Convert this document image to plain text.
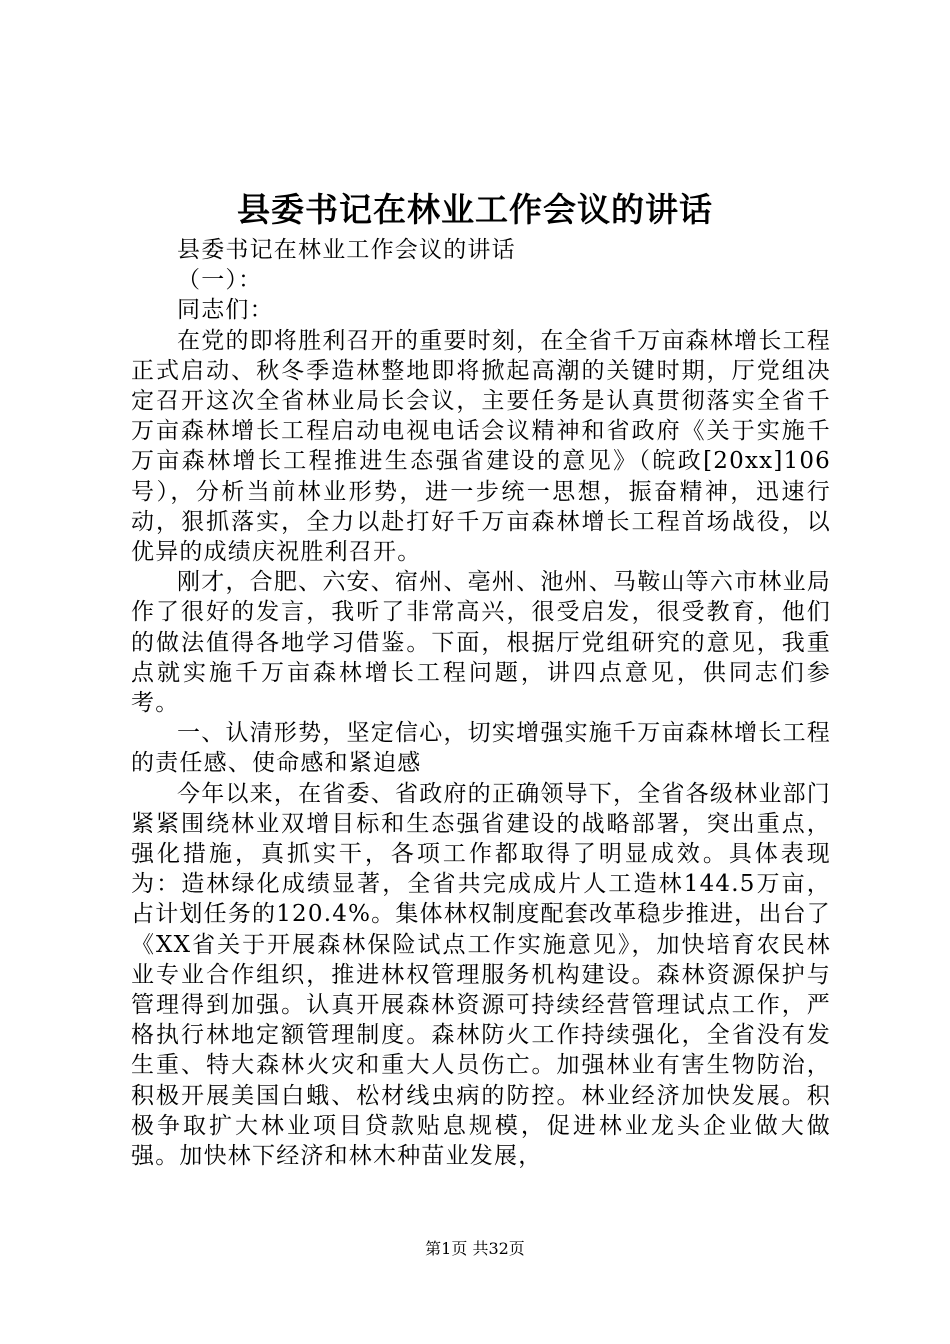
县委书记在林业工作会议的讲话

县委书记在林业工作会议的讲话

（一）：

同志们：

在党的即将胜利召开的重要时刻，在全省千万亩森林增长工程正式启动、秋冬季造林整地即将掀起高潮的关键时期，厅党组决定召开这次全省林业局长会议，主要任务是认真贯彻落实全省千万亩森林增长工程启动电视电话会议精神和省政府《关于实施千万亩森林增长工程推进生态强省建设的意见》（皖政[20xx]106号），分析当前林业形势，进一步统一思想，振奋精神，迅速行动，狠抓落实，全力以赴打好千万亩森林增长工程首场战役，以优异的成绩庆祝胜利召开。

刚才，合肥、六安、宿州、亳州、池州、马鞍山等六市林业局作了很好的发言，我听了非常高兴，很受启发，很受教育，他们的做法值得各地学习借鉴。下面，根据厅党组研究的意见，我重点就实施千万亩森林增长工程问题，讲四点意见，供同志们参考。

一、认清形势，坚定信心，切实增强实施千万亩森林增长工程的责任感、使命感和紧迫感

今年以来，在省委、省政府的正确领导下，全省各级林业部门紧紧围绕林业双增目标和生态强省建设的战略部署，突出重点，强化措施，真抓实干，各项工作都取得了明显成效。具体表现为：造林绿化成绩显著，全省共完成成片人工造林144.5万亩，占计划任务的120.4%。集体林权制度配套改革稳步推进，出台了《XX省关于开展森林保险试点工作实施意见》，加快培育农民林业专业合作组织，推进林权管理服务机构建设。森林资源保护与管理得到加强。认真开展森林资源可持续经营管理试点工作，严格执行林地定额管理制度。森林防火工作持续强化，全省没有发生重、特大森林火灾和重大人员伤亡。加强林业有害生物防治，积极开展美国白蛾、松材线虫病的防控。林业经济加快发展。积极争取扩大林业项目贷款贴息规模，促进林业龙头企业做大做强。加快林下经济和林木种苗业发展，

第1页 共32页
